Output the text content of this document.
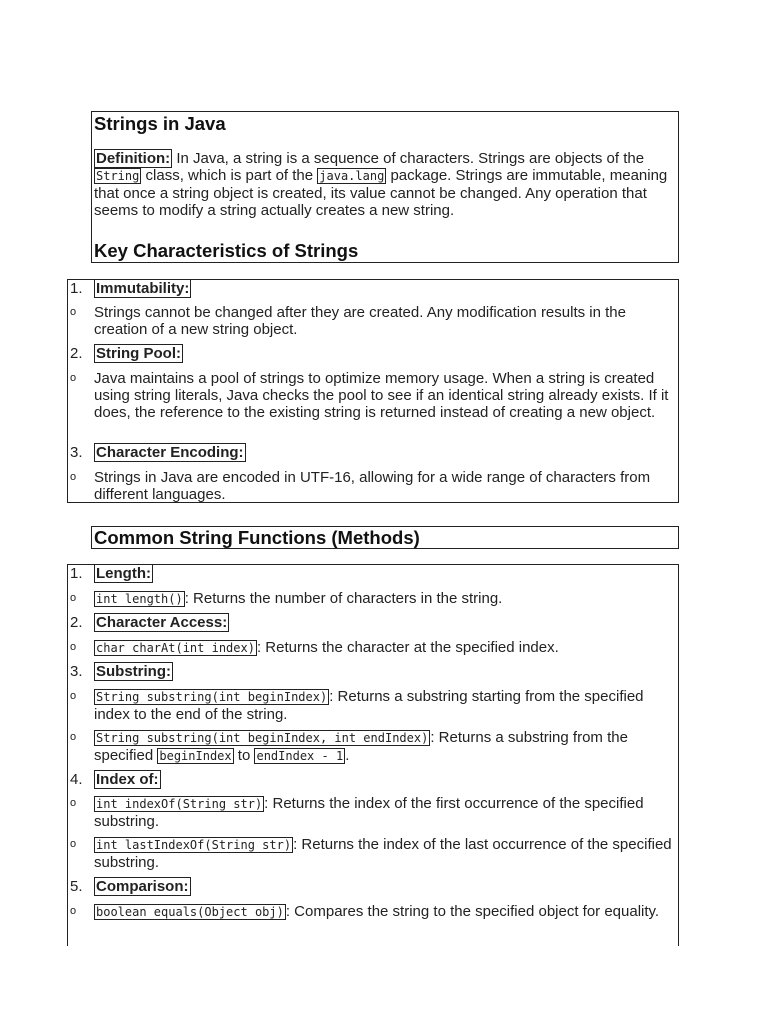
Strings in Java

Definition: In Java, a string is a sequence of characters. Strings are objects of the String class, which is part of the java.lang package. Strings are immutable, meaning that once a string object is created, its value cannot be changed. Any operation that seems to modify a string actually creates a new string.

Key Characteristics of Strings
1. Immutability:
o	Strings cannot be changed after they are created. Any modification results in the creation of a new string object.
2. String Pool:
o	Java maintains a pool of strings to optimize memory usage. When a string is created using string literals, Java checks the pool to see if an identical string already exists. If it does, the reference to the existing string is returned instead of creating a new object.
3. Character Encoding:
o	Strings in Java are encoded in UTF-16, allowing for a wide range of characters from different languages.
Common String Functions (Methods)
1. Length:
o	int length() : Returns the number of characters in the string.
2. Character Access:
o	char charAt(int index) : Returns the character at the specified index.
3. Substring:
o	String substring(int beginIndex) : Returns a substring starting from the specified index to the end of the string.
o	String substring(int beginIndex, int endIndex) : Returns a substring from the specified beginIndex to endIndex - 1 .
4. Index of:
o	int indexOf(String str) : Returns the index of the first occurrence of the specified substring.
o	int lastIndexOf(String str) : Returns the index of the last occurrence of the specified substring.
5. Comparison:
o	boolean equals(Object obj) : Compares the string to the specified object for equality.
